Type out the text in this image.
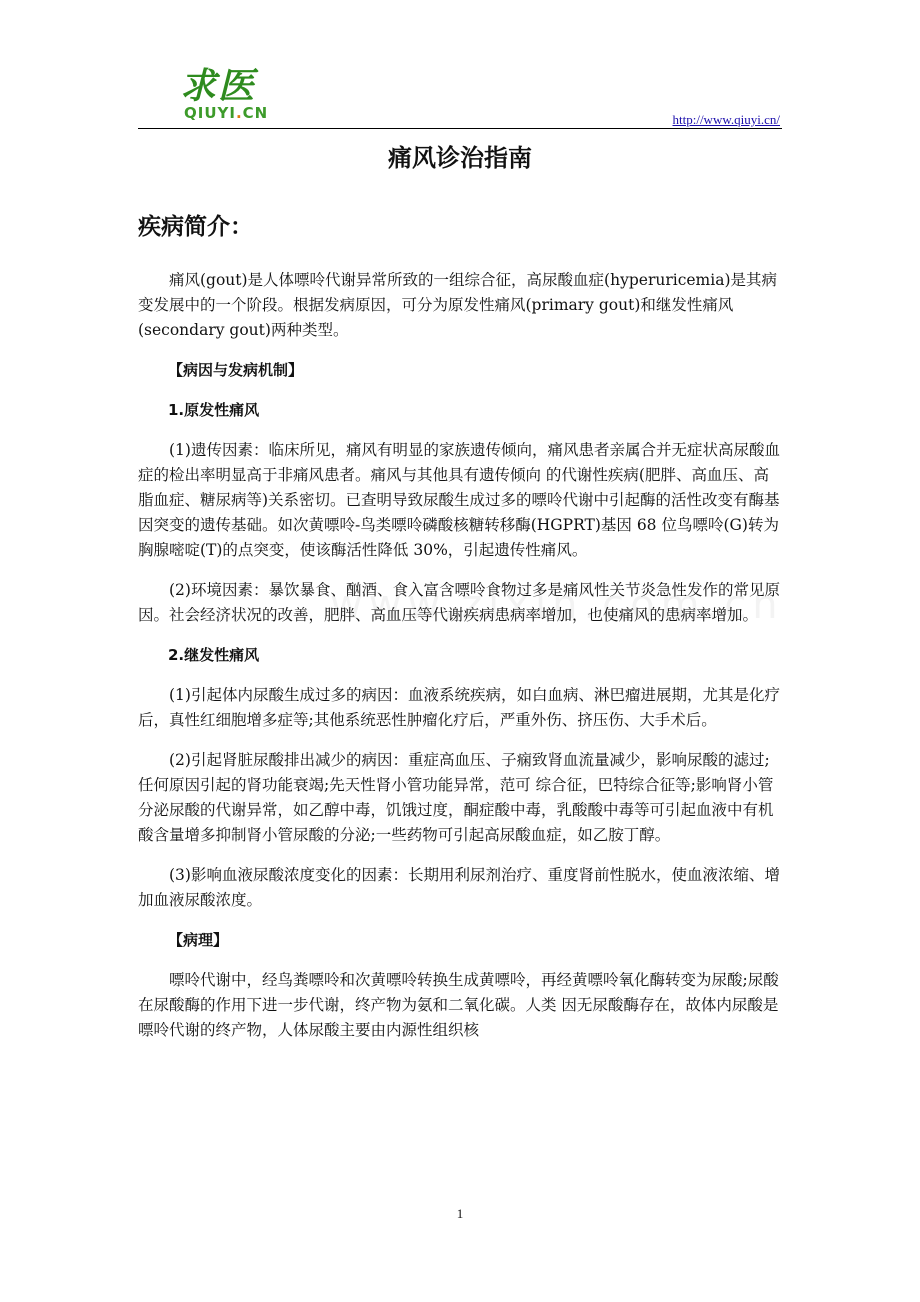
求医
QIUYI.CN	http://www.qiuyi.cn/
痛风诊治指南
疾病简介：

痛风(gout)是人体嘌呤代谢异常所致的一组综合征，高尿酸血症(hyperuricemia)是其病变发展中的一个阶段。根据发病原因，可分为原发性痛风(primary gout)和继发性痛风(secondary gout)两种类型。

【病因与发病机制】

1.原发性痛风

(1)遗传因素：临床所见，痛风有明显的家族遗传倾向，痛风患者亲属合并无症状高尿酸血症的检出率明显高于非痛风患者。痛风与其他具有遗传倾向 的代谢性疾病(肥胖、高血压、高脂血症、糖尿病等)关系密切。已查明导致尿酸生成过多的嘌呤代谢中引起酶的活性改变有酶基因突变的遗传基础。如次黄嘌呤-鸟类嘌呤磷酸核糖转移酶(HGPRT)基因 68 位鸟嘌呤(G)转为胸腺嘧啶(T)的点突变，使该酶活性降低 30%，引起遗传性痛风。

(2)环境因素：暴饮暴食、酗酒、食入富含嘌呤食物过多是痛风性关节炎急性发作的常见原因。社会经济状况的改善，肥胖、高血压等代谢疾病患病率增加，也使痛风的患病率增加。

2.继发性痛风

(1)引起体内尿酸生成过多的病因：血液系统疾病，如白血病、淋巴瘤进展期，尤其是化疗后，真性红细胞增多症等;其他系统恶性肿瘤化疗后，严重外伤、挤压伤、大手术后。

(2)引起肾脏尿酸排出减少的病因：重症高血压、子痫致肾血流量减少，影响尿酸的滤过;任何原因引起的肾功能衰竭;先天性肾小管功能异常，范可 综合征，巴特综合征等;影响肾小管分泌尿酸的代谢异常，如乙醇中毒，饥饿过度，酮症酸中毒，乳酸酸中毒等可引起血液中有机酸含量增多抑制肾小管尿酸的分泌;一些药物可引起高尿酸血症，如乙胺丁醇。

(3)影响血液尿酸浓度变化的因素：长期用利尿剂治疗、重度肾前性脱水，使血液浓缩、增加血液尿酸浓度。

【病理】

嘌呤代谢中，经鸟粪嘌呤和次黄嘌呤转换生成黄嘌呤，再经黄嘌呤氧化酶转变为尿酸;尿酸在尿酸酶的作用下进一步代谢，终产物为氨和二氧化碳。人类 因无尿酸酶存在，故体内尿酸是嘌呤代谢的终产物，人体尿酸主要由内源性组织核

1
